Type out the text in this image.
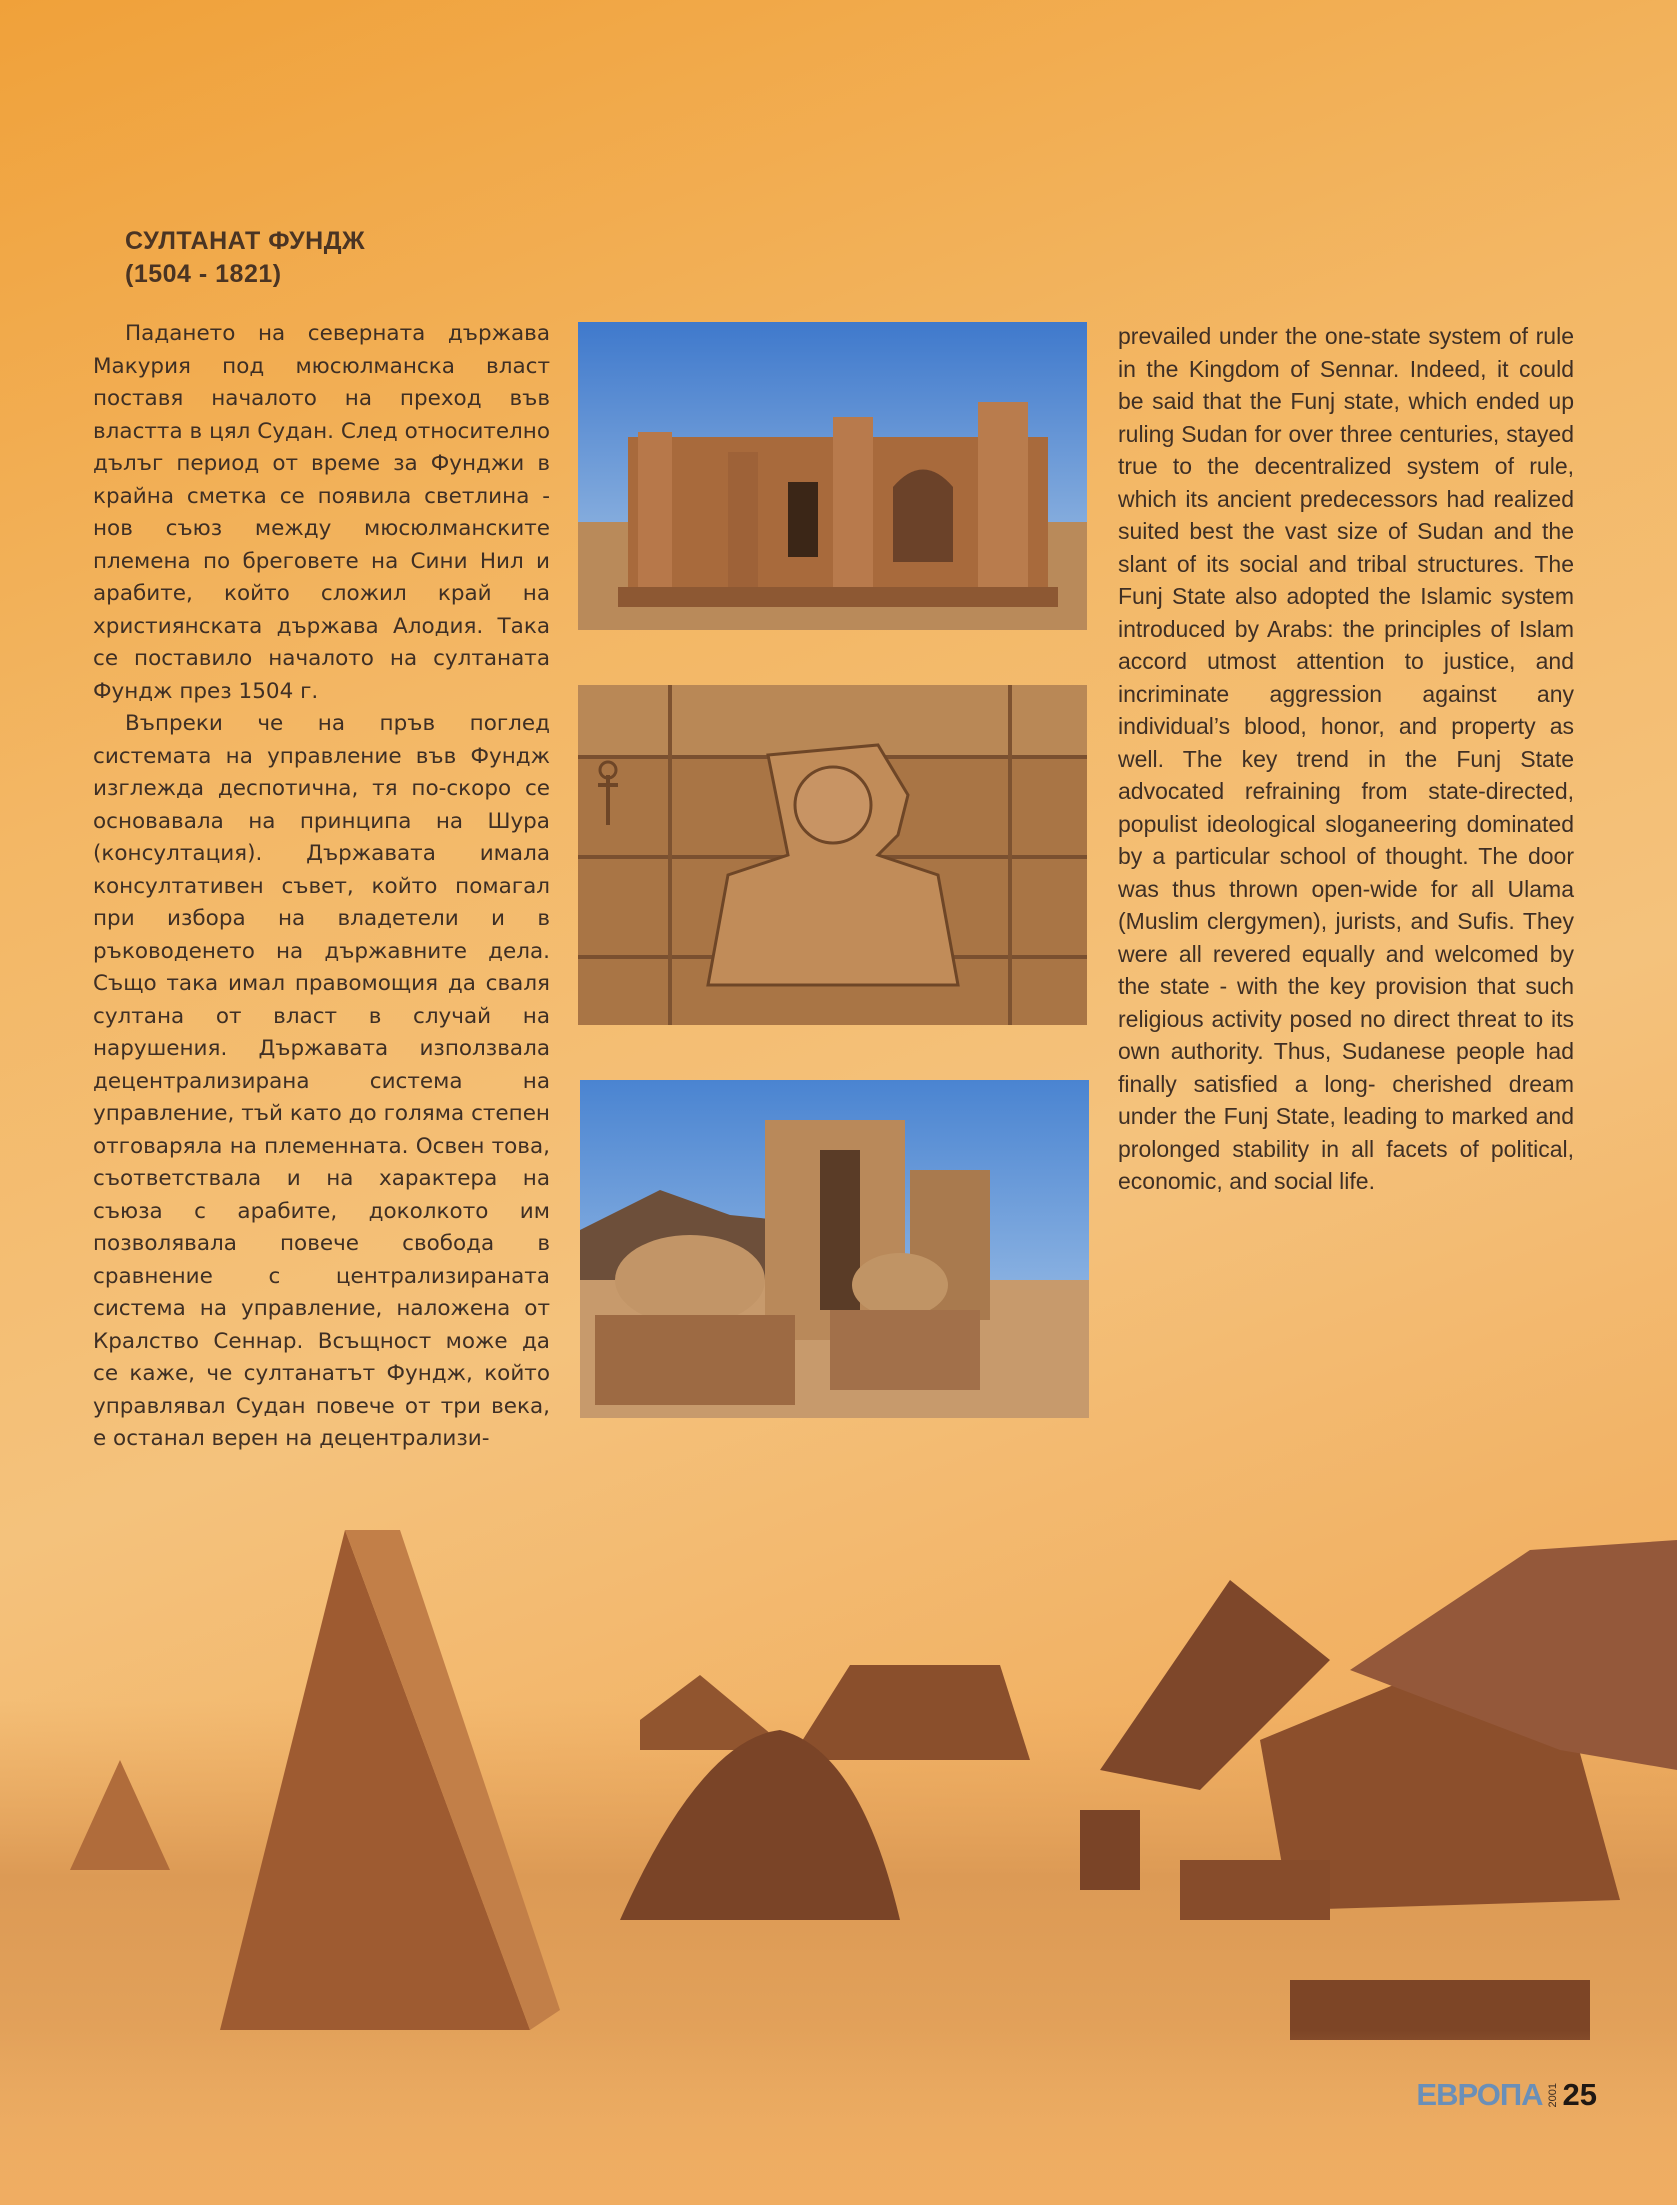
СУЛТАНАТ ФУНДЖ
(1504 - 1821)

Падането на северната държава Макурия под мюсюлманска власт поставя началото на преход във властта в цял Судан. След относително дълъг период от време за Фунджи в крайна сметка се появила светлина - нов съюз между мюсюлманските племена по бреговете на Сини Нил и арабите, който сложил край на християнската държава Алодия. Така се поставило началото на султаната Фундж през 1504 г.

Въпреки че на пръв поглед системата на управление във Фундж изглежда деспотична, тя по-скоро се основавала на принципа на Шура (консултация). Държавата имала консултативен съвет, който помагал при избора на владетели и в ръководенето на държавните дела. Също така имал правомощия да сваля султана от власт в случай на нарушения. Държавата използвала децентрализирана система на управление, тъй като до голяма степен отговаряла на племенната. Освен това, съответствала и на характера на съюза с арабите, доколкото им позволявала повече свобода в сравнение с централизираната система на управление, наложена от Кралство Сеннар. Всъщност може да се каже, че султанатът Фундж, който управлявал Судан повече от три века, е останал верен на децентрализи-

prevailed under the one-state system of rule in the Kingdom of Sennar. Indeed, it could be said that the Funj state, which ended up ruling Sudan for over three centuries, stayed true to the decentralized system of rule, which its ancient predecessors had realized suited best the vast size of Sudan and the slant of its social and tribal structures. The Funj State also adopted the Islamic system introduced by Arabs: the principles of Islam accord utmost attention to justice, and incriminate aggression against any individual’s blood, honor, and property as well. The key trend in the Funj State advocated refraining from state-directed, populist ideological sloganeering dominated by a particular school of thought. The door was thus thrown open-wide for all Ulama (Muslim clergymen), jurists, and Sufis. They were all revered equally and welcomed by the state - with the key provision that such religious activity posed no direct threat to its own authority. Thus, Sudanese people had finally satisfied a long- cherished dream under the Funj State, leading to marked and prolonged stability in all facets of political, economic, and social life.

ЕВРОПА 2001 25
